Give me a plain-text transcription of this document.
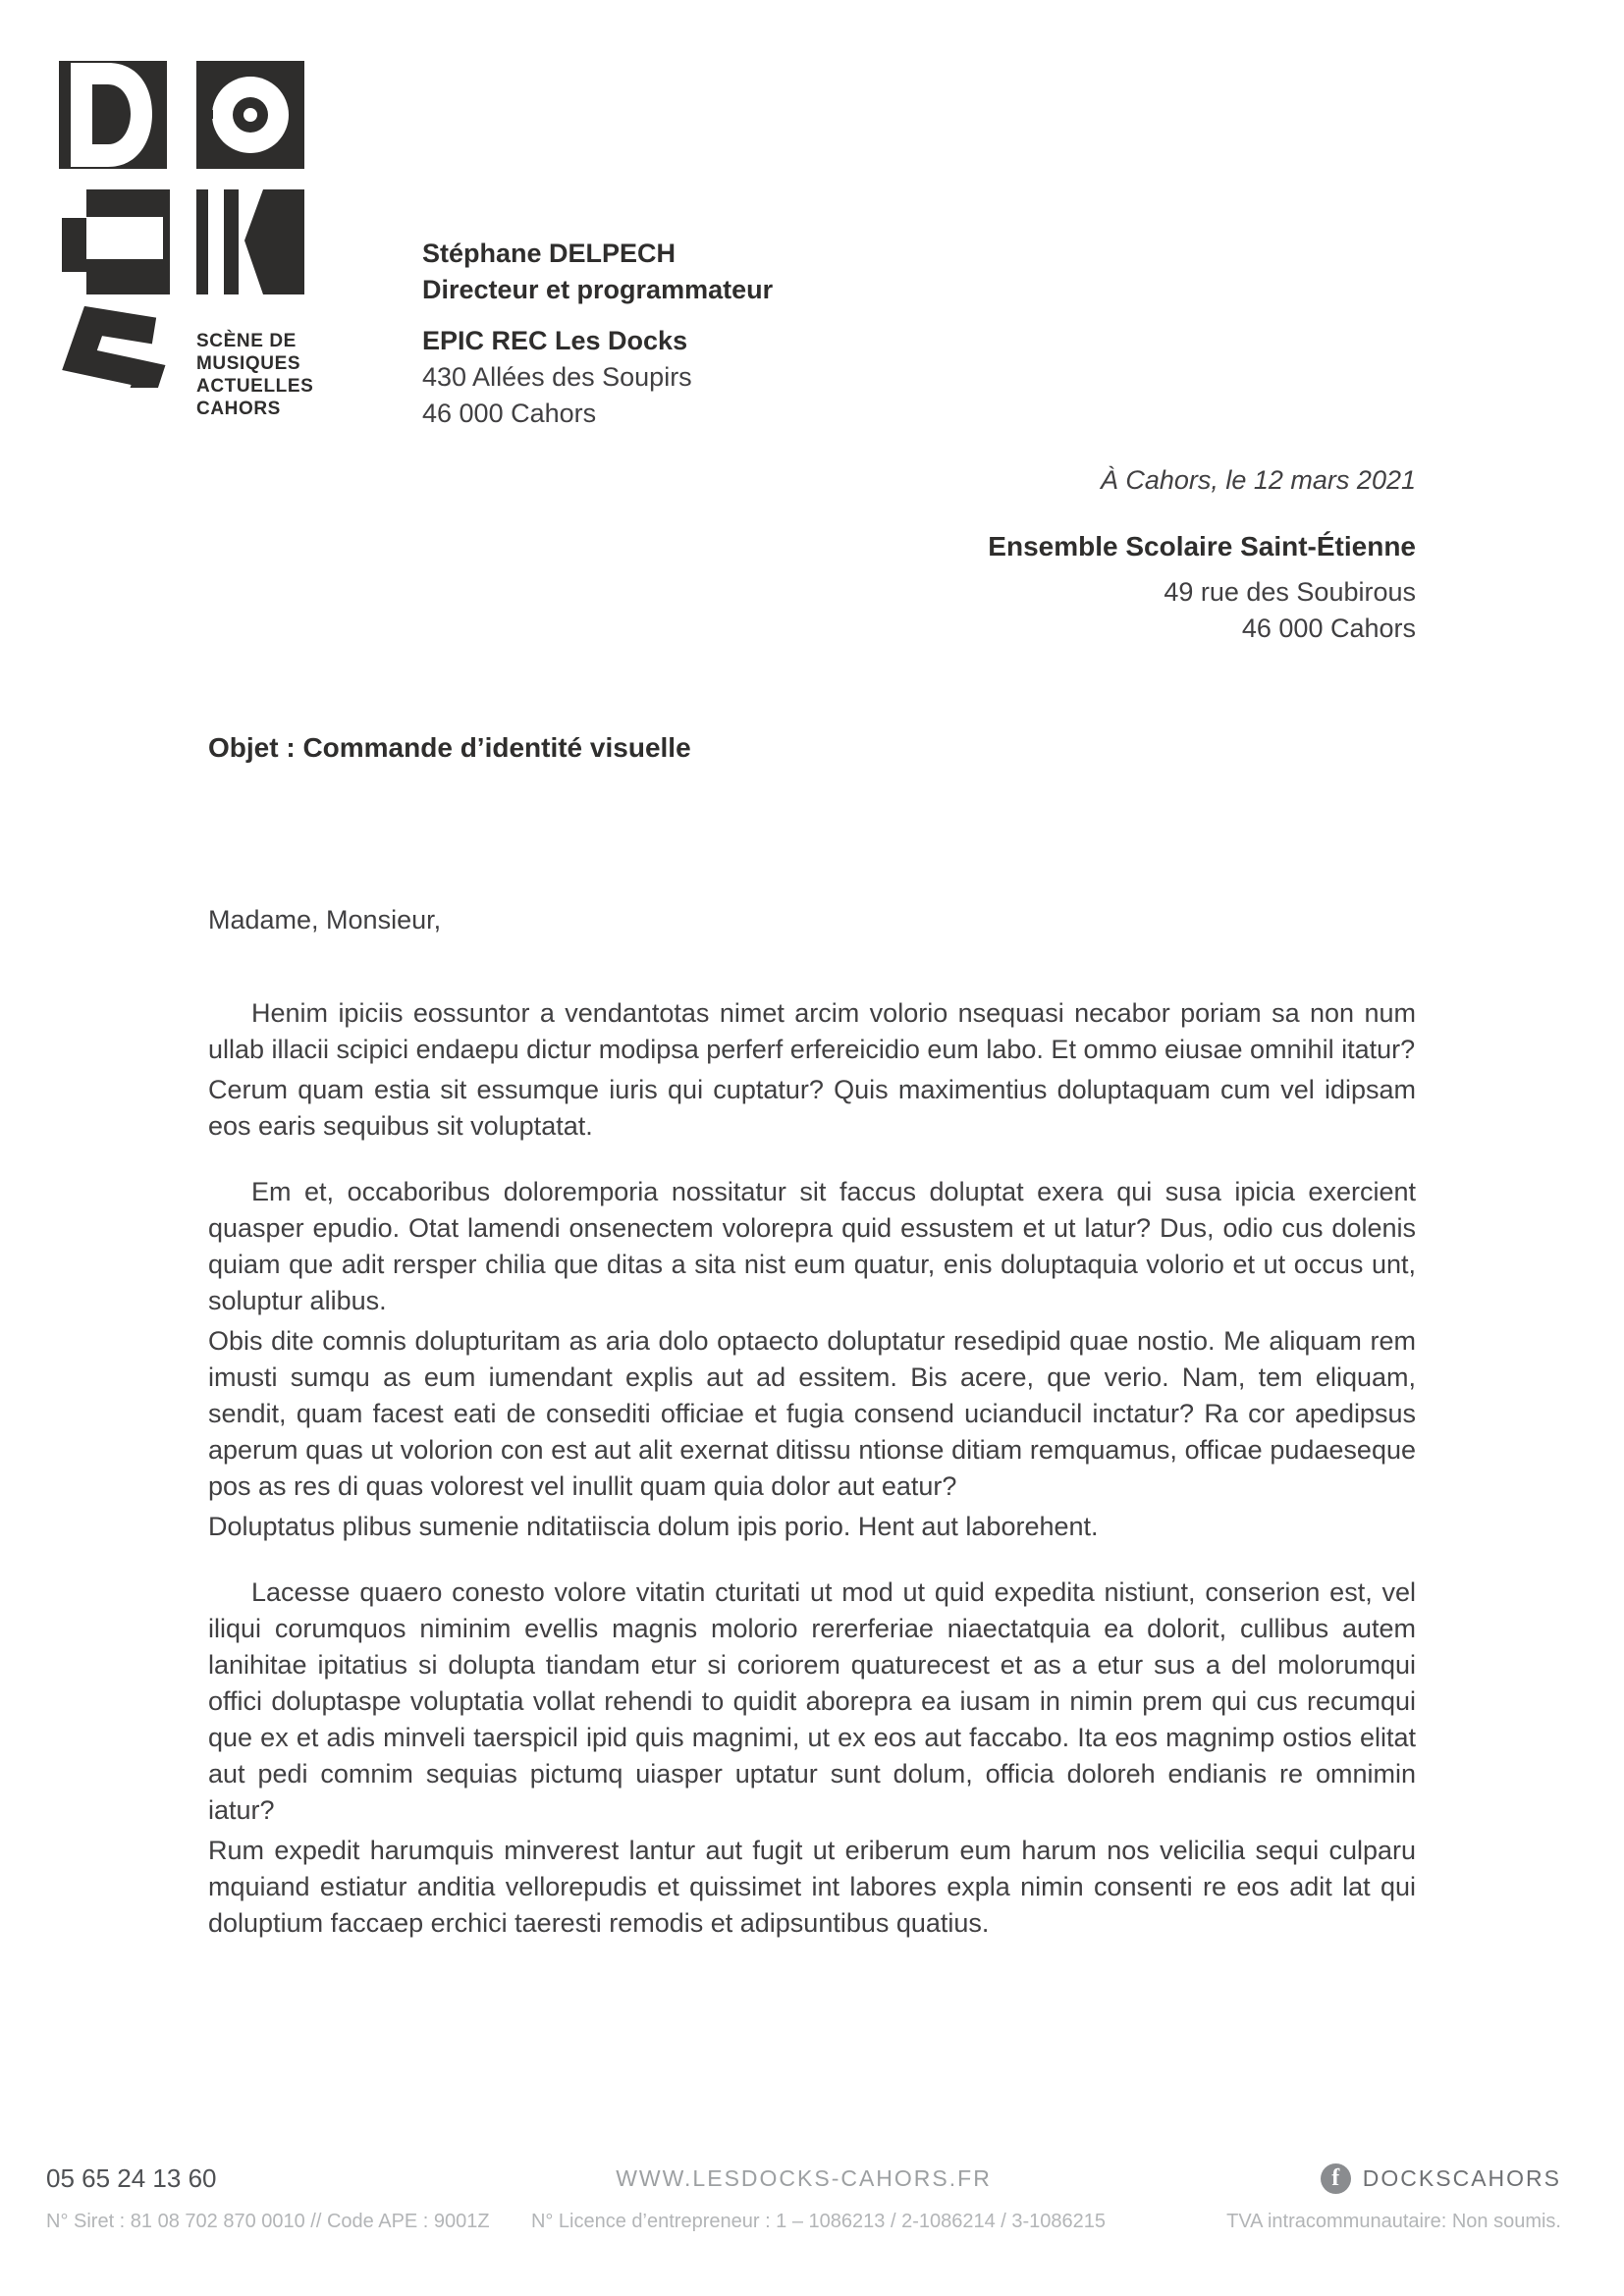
SCÈNE DE
MUSIQUES
ACTUELLES
CAHORS
Stéphane DELPECH
Directeur et programmateur
EPIC REC Les Docks
430 Allées des Soupirs
46 000 Cahors
À Cahors, le 12 mars 2021
Ensemble Scolaire Saint-Étienne
49 rue des Soubirous
46 000 Cahors
Objet : Commande d’identité visuelle
Madame, Monsieur,

Henim ipiciis eossuntor a vendantotas nimet arcim volorio nsequasi necabor poriam sa non num ullab illacii scipici endaepu dictur modipsa perferf erfereicidio eum labo. Et ommo eiusae omnihil itatur?

Cerum quam estia sit essumque iuris qui cuptatur? Quis maximentius doluptaquam cum vel idipsam eos earis sequibus sit voluptatat.

Em et, occaboribus doloremporia nossitatur sit faccus doluptat exera qui susa ipicia exercient quasper epudio. Otat lamendi onsenectem volorepra quid essustem et ut latur? Dus, odio cus dolenis quiam que adit rersper chilia que ditas a sita nist eum quatur, enis doluptaquia volorio et ut occus unt, soluptur alibus.

Obis dite comnis dolupturitam as aria dolo optaecto doluptatur resedipid quae nostio. Me aliquam rem imusti sumqu as eum iumendant explis aut ad essitem. Bis acere, que verio. Nam, tem eliquam, sendit, quam facest eati de consediti officiae et fugia consend ucianducil inctatur? Ra cor apedipsus aperum quas ut volorion con est aut alit exernat ditissu ntionse ditiam remquamus, officae pudaeseque pos as res di quas volorest vel inullit quam quia dolor aut eatur?

Doluptatus plibus sumenie nditatiiscia dolum ipis porio. Hent aut laborehent.

Lacesse quaero conesto volore vitatin cturitati ut mod ut quid expedita nistiunt, conserion est, vel iliqui corumquos niminim evellis magnis molorio rererferiae niaectatquia ea dolorit, cullibus autem lanihitae ipitatius si dolupta tiandam etur si coriorem quaturecest et as a etur sus a del molorumqui offici doluptaspe voluptatia vollat rehendi to quidit aborepra ea iusam in nimin prem qui cus recumqui que ex et adis minveli taerspicil ipid quis magnimi, ut ex eos aut faccabo. Ita eos magnimp ostios elitat aut pedi comnim sequias pictumq uiasper uptatur sunt dolum, officia doloreh endianis re omnimin iatur?

Rum expedit harumquis minverest lantur aut fugit ut eriberum eum harum nos velicilia sequi culparu mquiand estiatur anditia vellorepudis et quissimet int labores expla nimin consenti re eos adit lat qui doluptium faccaep erchici taeresti remodis et adipsuntibus quatius.

05 65 24 13 60	WWW.LESDOCKS-CAHORS.FR	f	DOCKSCAHORS
N° Siret : 81 08 702 870 0010 // Code APE : 9001Z	N° Licence d’entrepreneur : 1 – 1086213 / 2-1086214 / 3-1086215	TVA intracommunautaire: Non soumis.
